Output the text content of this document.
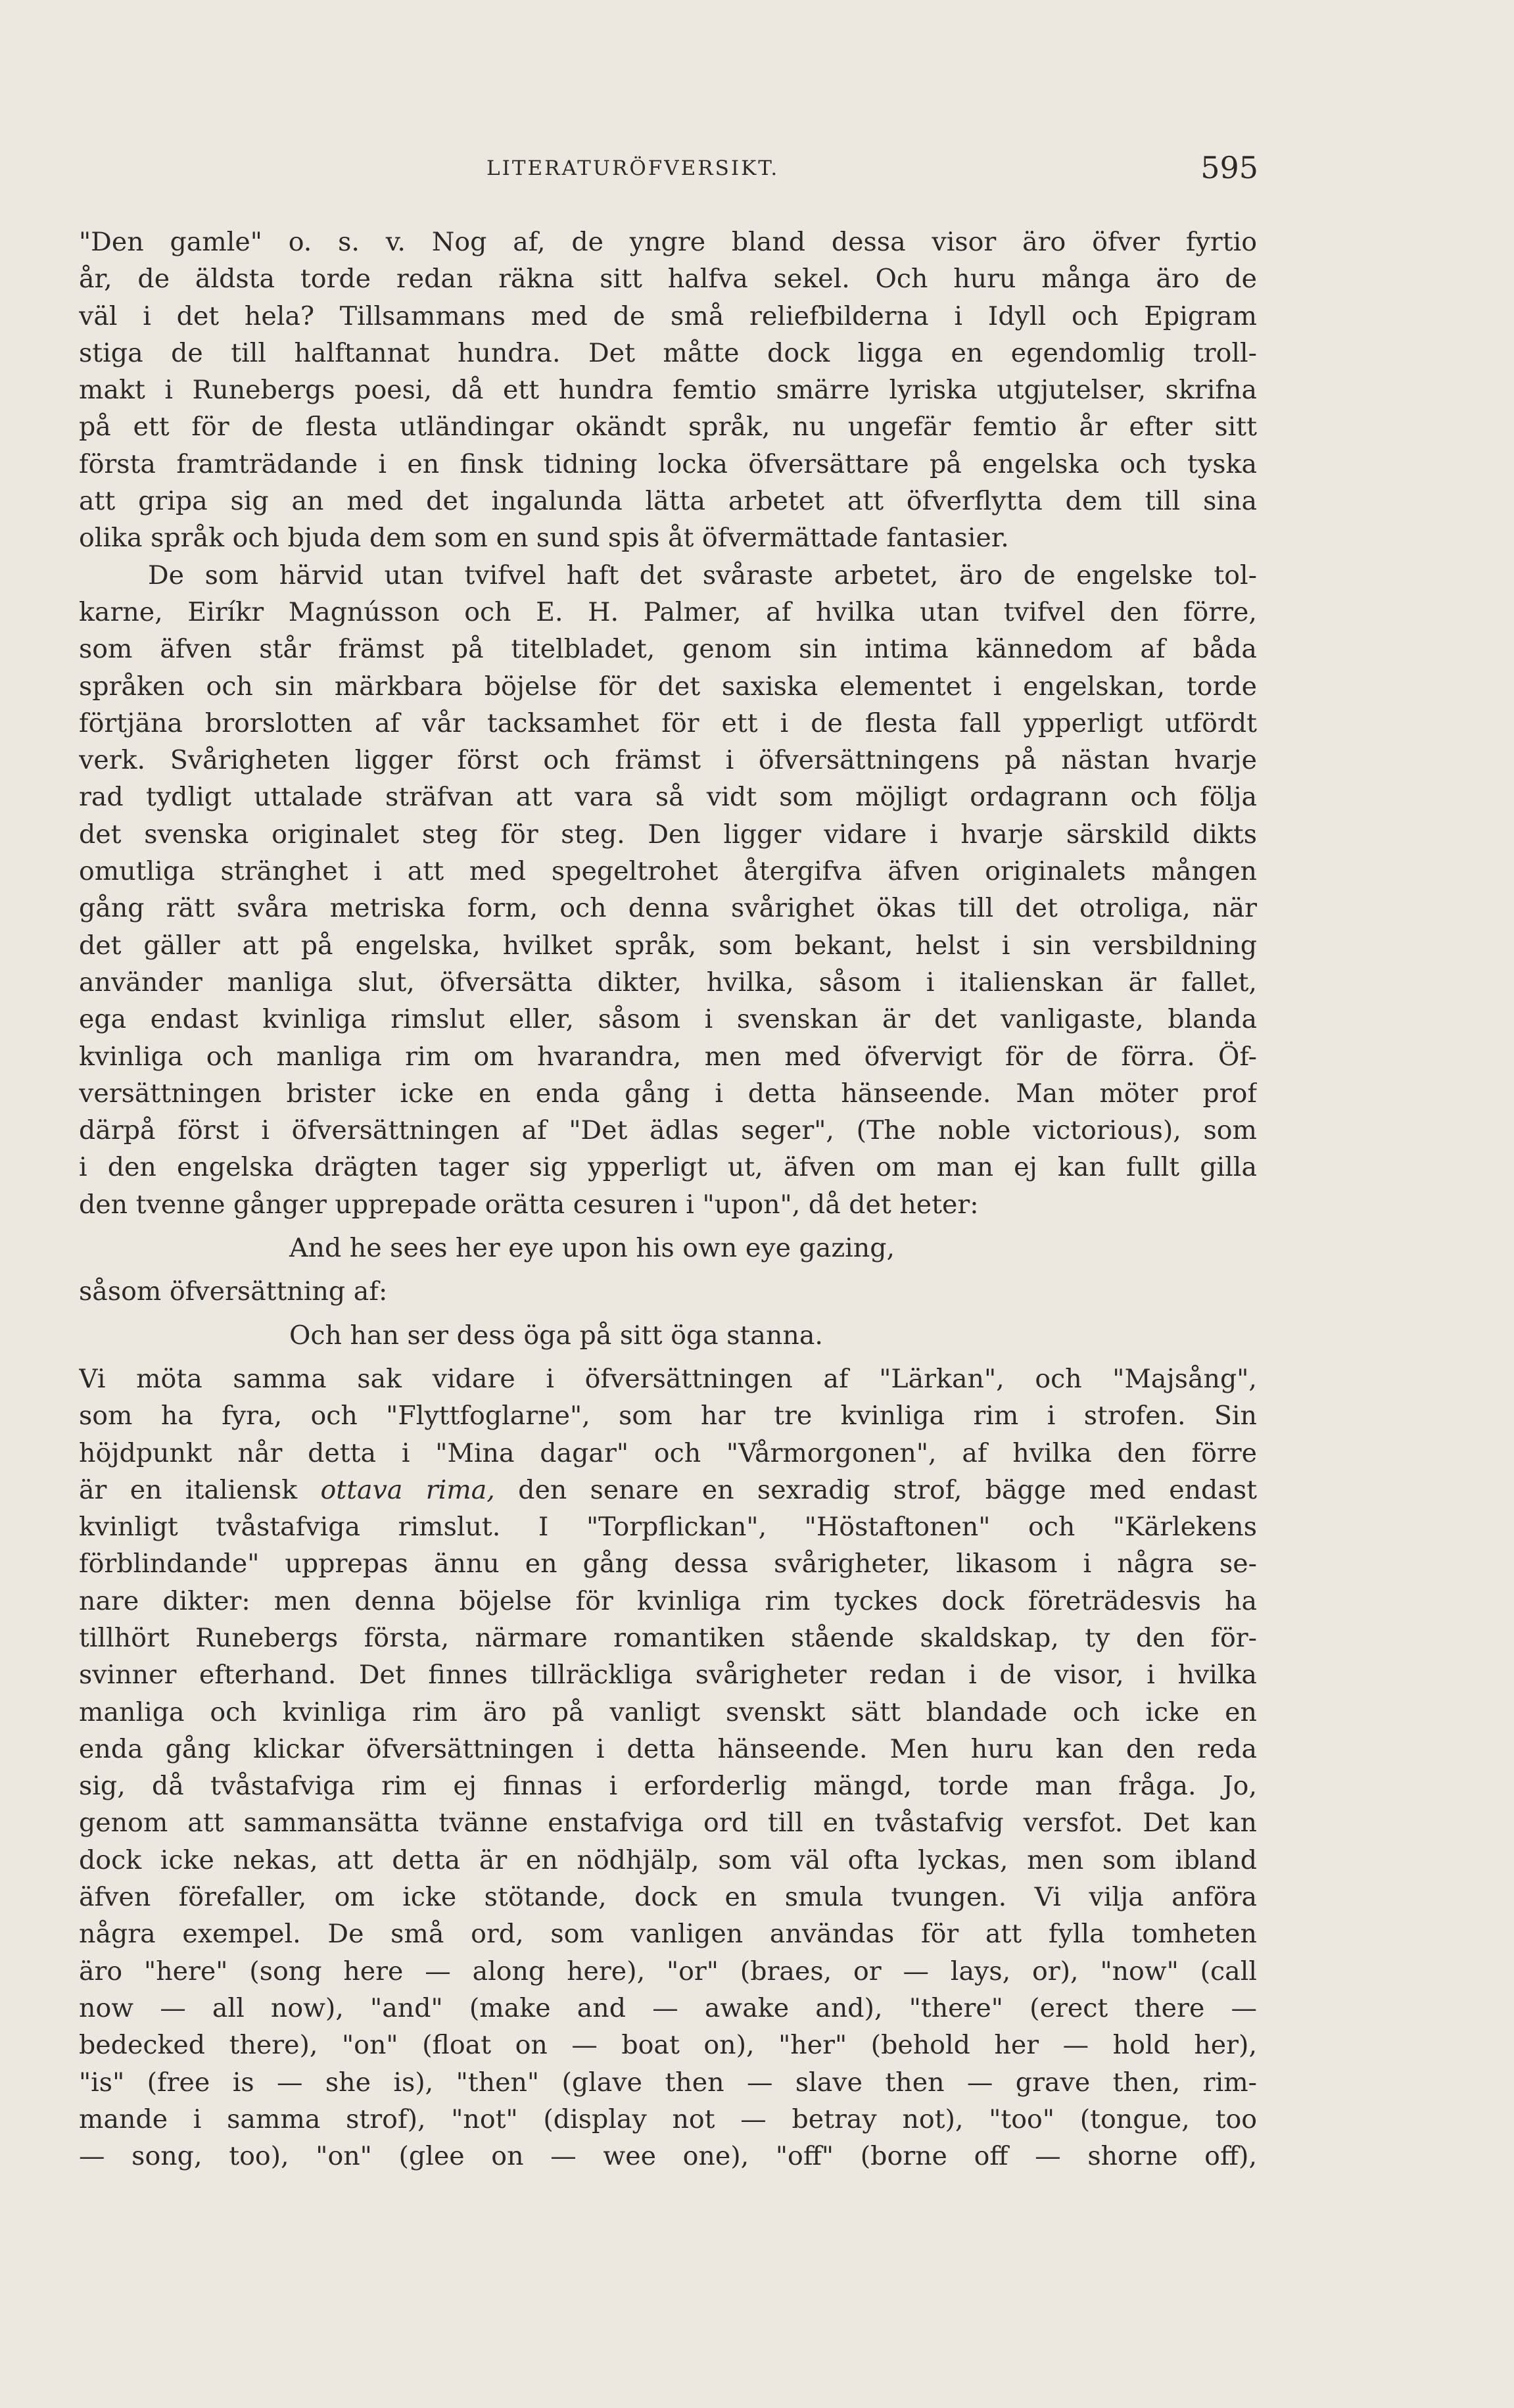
LITERATURÖFVERSIKT.	595
"Den gamle" o. s. v. Nog af, de yngre bland dessa visor äro öfver fyrtio
år, de äldsta torde redan räkna sitt halfva sekel. Och huru många äro de
väl i det hela? Tillsammans med de små reliefbilderna i Idyll och Epigram
stiga de till halftannat hundra. Det måtte dock ligga en egendomlig troll-
makt i Runebergs poesi, då ett hundra femtio smärre lyriska utgjutelser, skrifna
på ett för de flesta utländingar okändt språk, nu ungefär femtio år efter sitt
första framträdande i en finsk tidning locka öfversättare på engelska och tyska
att gripa sig an med det ingalunda lätta arbetet att öfverflytta dem till sina
olika språk och bjuda dem som en sund spis åt öfvermättade fantasier.
De som härvid utan tvifvel haft det svåraste arbetet, äro de engelske tol-
karne, Eiríkr Magnússon och E. H. Palmer, af hvilka utan tvifvel den förre,
som äfven står främst på titelbladet, genom sin intima kännedom af båda
språken och sin märkbara böjelse för det saxiska elementet i engelskan, torde
förtjäna brorslotten af vår tacksamhet för ett i de flesta fall ypperligt utfördt
verk. Svårigheten ligger först och främst i öfversättningens på nästan hvarje
rad tydligt uttalade sträfvan att vara så vidt som möjligt ordagrann och följa
det svenska originalet steg för steg. Den ligger vidare i hvarje särskild dikts
omutliga stränghet i att med spegeltrohet återgifva äfven originalets mången
gång rätt svåra metriska form, och denna svårighet ökas till det otroliga, när
det gäller att på engelska, hvilket språk, som bekant, helst i sin versbildning
använder manliga slut, öfversätta dikter, hvilka, såsom i italienskan är fallet,
ega endast kvinliga rimslut eller, såsom i svenskan är det vanligaste, blanda
kvinliga och manliga rim om hvarandra, men med öfvervigt för de förra. Öf-
versättningen brister icke en enda gång i detta hänseende. Man möter prof
därpå först i öfversättningen af "Det ädlas seger", (The noble victorious), som
i den engelska drägten tager sig ypperligt ut, äfven om man ej kan fullt gilla
den tvenne gånger upprepade orätta cesuren i "upon", då det heter:
And he sees her eye upon his own eye gazing,
såsom öfversättning af:
Och han ser dess öga på sitt öga stanna.
Vi möta samma sak vidare i öfversättningen af "Lärkan", och "Majsång",
som ha fyra, och "Flyttfoglarne", som har tre kvinliga rim i strofen. Sin
höjdpunkt når detta i "Mina dagar" och "Vårmorgonen", af hvilka den förre
är en italiensk ottava rima, den senare en sexradig strof, bägge med endast
kvinligt tvåstafviga rimslut. I "Torpflickan", "Höstaftonen" och "Kärlekens
förblindande" upprepas ännu en gång dessa svårigheter, likasom i några se-
nare dikter: men denna böjelse för kvinliga rim tyckes dock företrädesvis ha
tillhört Runebergs första, närmare romantiken stående skaldskap, ty den för-
svinner efterhand. Det finnes tillräckliga svårigheter redan i de visor, i hvilka
manliga och kvinliga rim äro på vanligt svenskt sätt blandade och icke en
enda gång klickar öfversättningen i detta hänseende. Men huru kan den reda
sig, då tvåstafviga rim ej finnas i erforderlig mängd, torde man fråga. Jo,
genom att sammansätta tvänne enstafviga ord till en tvåstafvig versfot. Det kan
dock icke nekas, att detta är en nödhjälp, som väl ofta lyckas, men som ibland
äfven förefaller, om icke stötande, dock en smula tvungen. Vi vilja anföra
några exempel. De små ord, som vanligen användas för att fylla tomheten
äro "here" (song here — along here), "or" (braes, or — lays, or), "now" (call
now — all now), "and" (make and — awake and), "there" (erect there —
bedecked there), "on" (float on — boat on), "her" (behold her — hold her),
"is" (free is — she is), "then" (glave then — slave then — grave then, rim-
mande i samma strof), "not" (display not — betray not), "too" (tongue, too
— song, too), "on" (glee on — wee one), "off" (borne off — shorne off),
